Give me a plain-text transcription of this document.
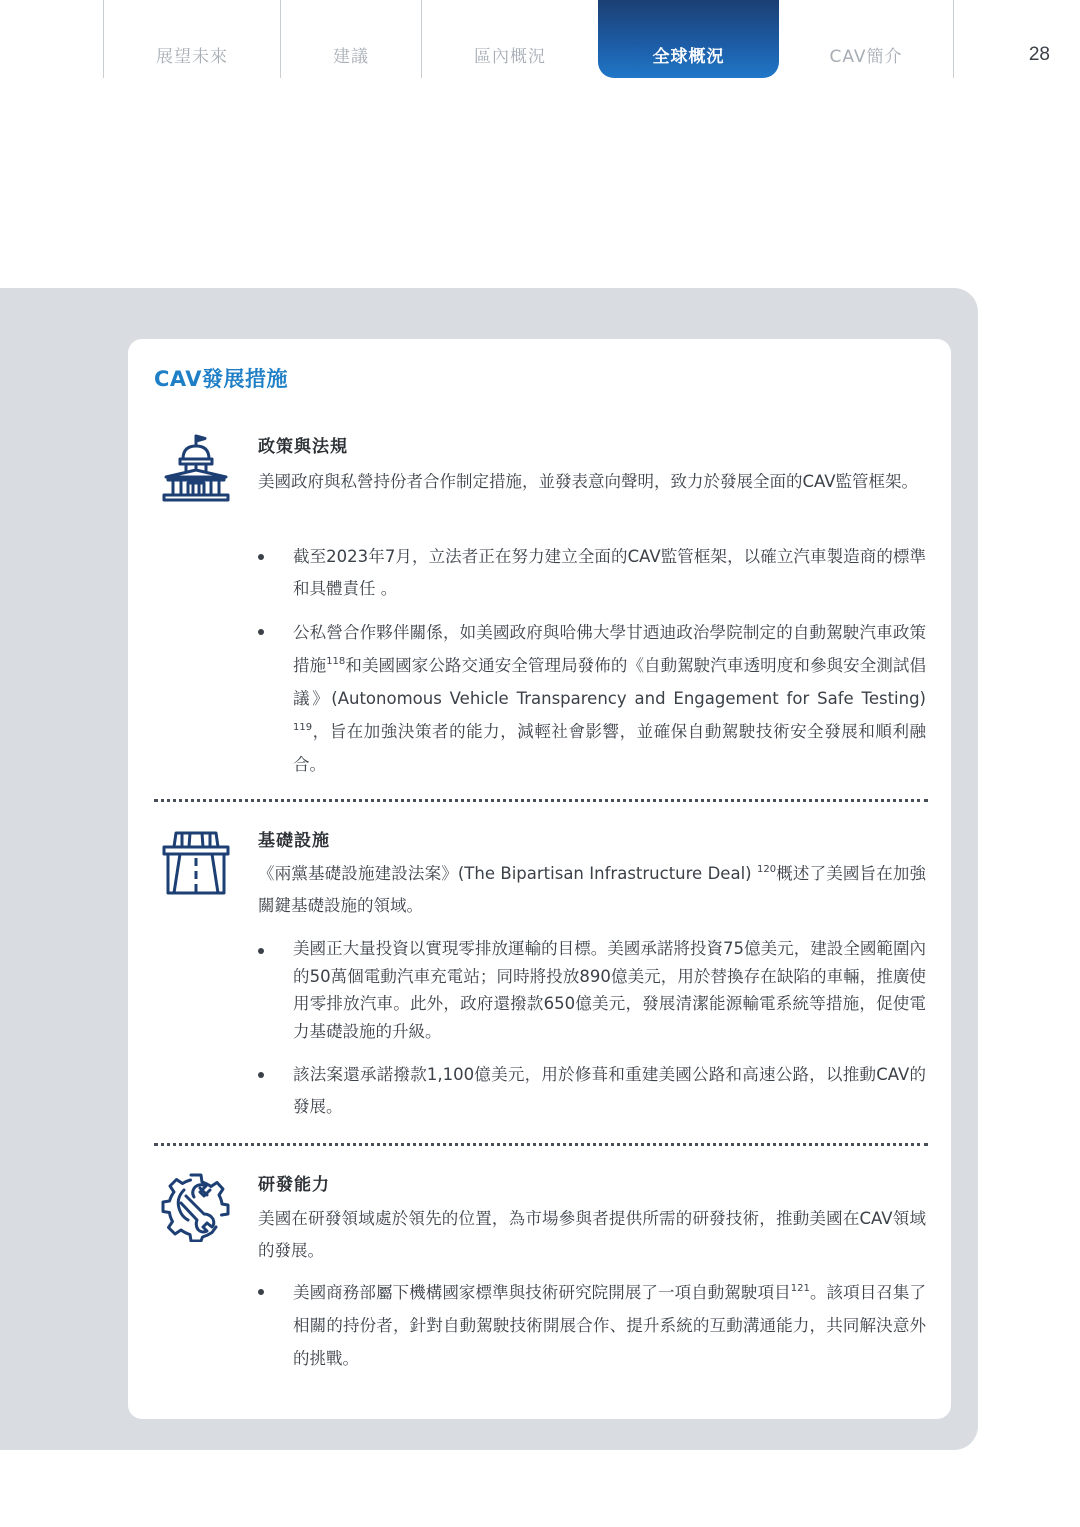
展望未來	建議	區內概況	全球概況	CAV簡介	28
CAV發展措施
政策與法規

美國政府與私營持份者合作制定措施，並發表意向聲明，致力於發展全面的CAV監管框架。

截至2023年7月，立法者正在努力建立全面的CAV監管框架，以確立汽車製造商的標準和具體責任 。
公私營合作夥伴關係，如美國政府與哈佛大學甘迺迪政治學院制定的自動駕駛汽車政策措施$^{118}$和美國國家公路交通安全管理局發佈的《自動駕駛汽車透明度和參與安全測試倡議》(Autonomous Vehicle Transparency and Engagement for Safe Testing) $^{119}$，旨在加強決策者的能力，減輕社會影響，並確保自動駕駛技術安全發展和順利融合。
基礎設施

《兩黨基礎設施建設法案》(The Bipartisan Infrastructure Deal) $^{120}$概述了美國旨在加強關鍵基礎設施的領域。

美國正大量投資以實現零排放運輸的目標。美國承諾將投資75億美元，建設全國範圍內的50萬個電動汽車充電站；同時將投放890億美元，用於替換存在缺陷的車輛，推廣使用零排放汽車。此外，政府還撥款650億美元，發展清潔能源輸電系統等措施，促使電力基礎設施的升級。
該法案還承諾撥款1,100億美元，用於修葺和重建美國公路和高速公路，以推動CAV的發展。
研發能力

美國在研發領域處於領先的位置，為市場參與者提供所需的研發技術，推動美國在CAV領域的發展。

美國商務部屬下機構國家標準與技術研究院開展了一項自動駕駛項目$^{121}$。該項目召集了相關的持份者，針對自動駕駛技術開展合作、提升系統的互動溝通能力，共同解決意外的挑戰。
